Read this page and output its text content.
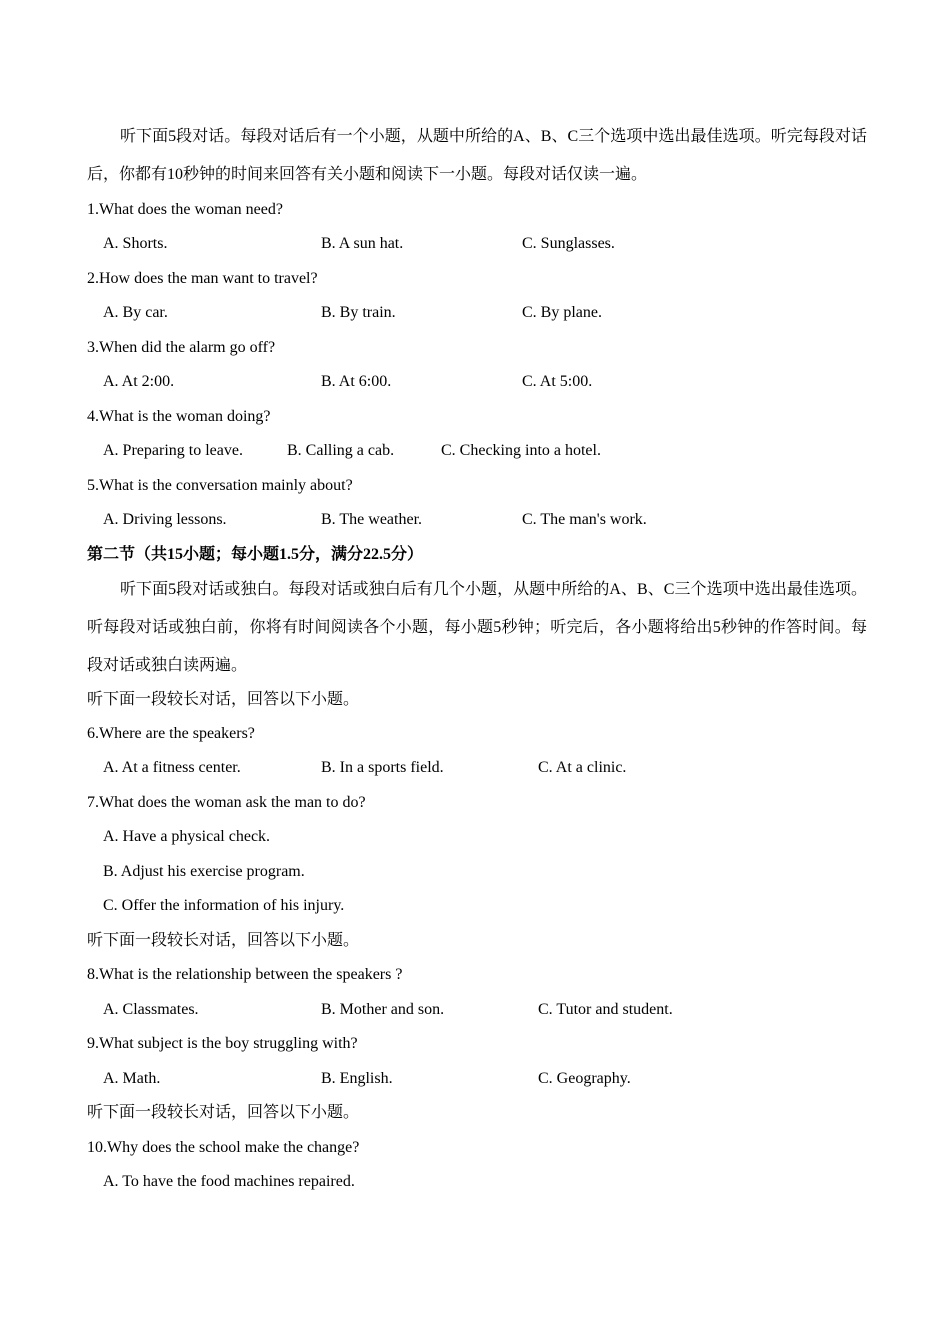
听下面5段对话。每段对话后有一个小题，从题中所给的A、B、C三个选项中选出最佳选项。听完每段对话后，你都有10秒钟的时间来回答有关小题和阅读下一小题。每段对话仅读一遍。
1.What does the woman need?
A. Shorts.	B. A sun hat.	C. Sunglasses.
2.How does the man want to travel?
A. By car.	B. By train.	C. By plane.
3.When did the alarm go off?
A. At 2:00.	B. At 6:00.	C. At 5:00.
4.What is the woman doing?
A. Preparing to leave.	B. Calling a cab.	C. Checking into a hotel.
5.What is the conversation mainly about?
A. Driving lessons.	B. The weather.	C. The man's work.
第二节（共15小题；每小题1.5分，满分22.5分）
听下面5段对话或独白。每段对话或独白后有几个小题，从题中所给的A、B、C三个选项中选出最佳选项。听每段对话或独白前，你将有时间阅读各个小题，每小题5秒钟；听完后，各小题将给出5秒钟的作答时间。每段对话或独白读两遍。
听下面一段较长对话，回答以下小题。
6.Where are the speakers?
A. At a fitness center.	B. In a sports field.	C. At a clinic.
7.What does the woman ask the man to do?
A. Have a physical check.
B. Adjust his exercise program.
C. Offer the information of his injury.
听下面一段较长对话，回答以下小题。
8.What is the relationship between the speakers ?
A. Classmates.	B. Mother and son.	C. Tutor and student.
9.What subject is the boy struggling with?
A. Math.	B. English.	C. Geography.
听下面一段较长对话，回答以下小题。
10.Why does the school make the change?
A. To have the food machines repaired.
